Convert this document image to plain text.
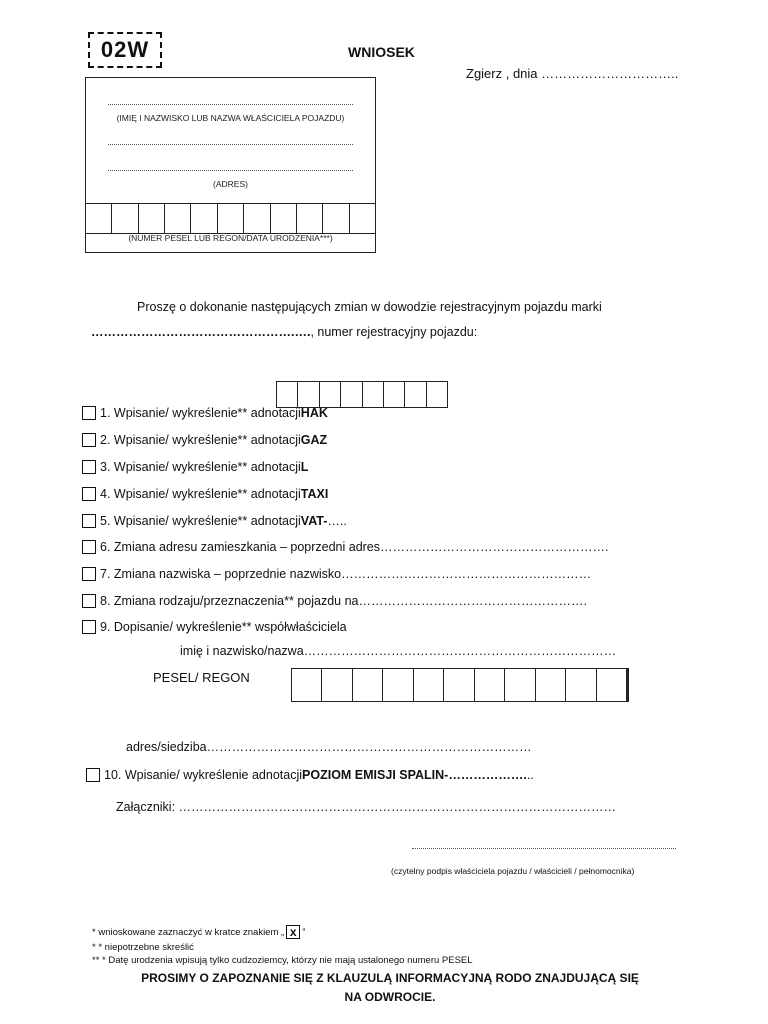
02W	WNIOSEK
Zgierz , dnia …………………………..
(IMIĘ I NAZWISKO LUB NAZWA WŁAŚCICIELA POJAZDU)
(ADRES)
(NUMER PESEL LUB REGON/DATA URODZENIA***)
Proszę o dokonanie następujących zmian w dowodzie rejestracyjnym pojazdu marki
………………………………………….…., numer rejestracyjny pojazdu:
1. Wpisanie/ wykreślenie** adnotacji HAK
2. Wpisanie/ wykreślenie** adnotacji GAZ
3. Wpisanie/ wykreślenie** adnotacji L
4. Wpisanie/ wykreślenie** adnotacji TAXI
5. Wpisanie/ wykreślenie** adnotacji VAT- …..
6. Zmiana adresu zamieszkania – poprzedni adres ……………………………………………….
7. Zmiana nazwiska – poprzednie nazwisko ……………………………………………………
8. Zmiana rodzaju/przeznaczenia** pojazdu na ……………………………………………….
9. Dopisanie/ wykreślenie** współwłaściciela
imię i nazwisko/nazwa…………………………………………………………………
PESEL/ REGON
adres/siedziba……………………………………………………………………
10. Wpisanie/ wykreślenie adnotacji POZIOM EMISJI SPALIN-………………. ..
Załączniki: ……………………………………………………………………………………………
(czytelny podpis właściciela pojazdu / właścicieli / pełnomocnika)
* wnioskowane zaznaczyć w kratce znakiem „ x ”
* * niepotrzebne skreślić
** * Datę urodzenia wpisują tylko cudzoziemcy, którzy nie mają ustalonego numeru PESEL
PROSIMY O ZAPOZNANIE SIĘ Z KLAUZULĄ INFORMACYJNĄ RODO ZNAJDUJĄCĄ SIĘ NA ODWROCIE.
